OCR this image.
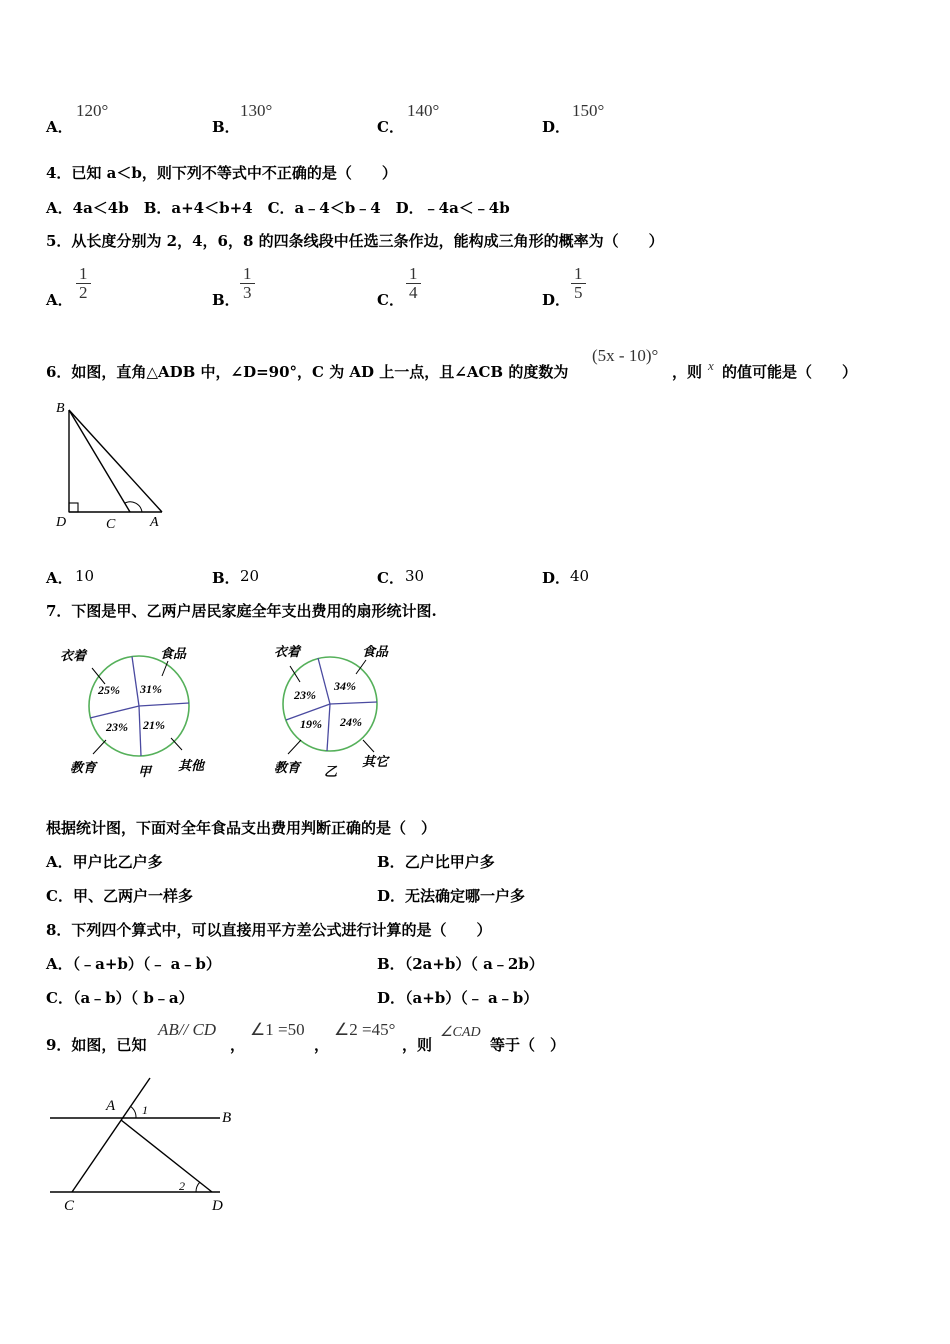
A．
120°
B．
130°
C．
140°
D．
150°
4．已知 a＜b，则下列不等式中不正确的是（　　）
A．4a＜4b　B．a+4＜b+4　C．a﹣4＜b﹣4　D．﹣4a＜﹣4b
5．从长度分别为 2，4，6，8 的四条线段中任选三条作边，能构成三角形的概率为（　　）
A． $\frac{1}{2}$	B． $\frac{1}{3}$	C． $\frac{1}{4}$	D． $\frac{1}{5}$
6．如图，直角△ADB 中，∠D=90°，C 为 AD 上一点，且∠ACB 的度数为
(5x - 10)°
，则 x 的值可能是（　　）
B
D	C A
A． 10	B． 20	C． 30	D． 40
7．下图是甲、乙两户居民家庭全年支出费用的扇形统计图.
衣着	食品
25% 31%
23% 21%
教育	甲 其他
衣着	食品
23%
34%
19% 24%
教育 乙
其它
根据统计图，下面对全年食品支出费用判断正确的是（　）
A．甲户比乙户多	B．乙户比甲户多
C．甲、乙两户一样多	D．无法确定哪一户多
8．下列四个算式中，可以直接用平方差公式进行计算的是（　　）
A．（﹣a+b）（﹣ a﹣b）	B．（2a+b）（ a﹣2b）
C．（a﹣b）（ b﹣a）	D．（a+b）（﹣ a﹣b）
9．如图，已知
AB// CD
，
∠1 =50
，
∠2 =45°
，则
∠CAD
等于（　）
A 1	B
C
2
D
